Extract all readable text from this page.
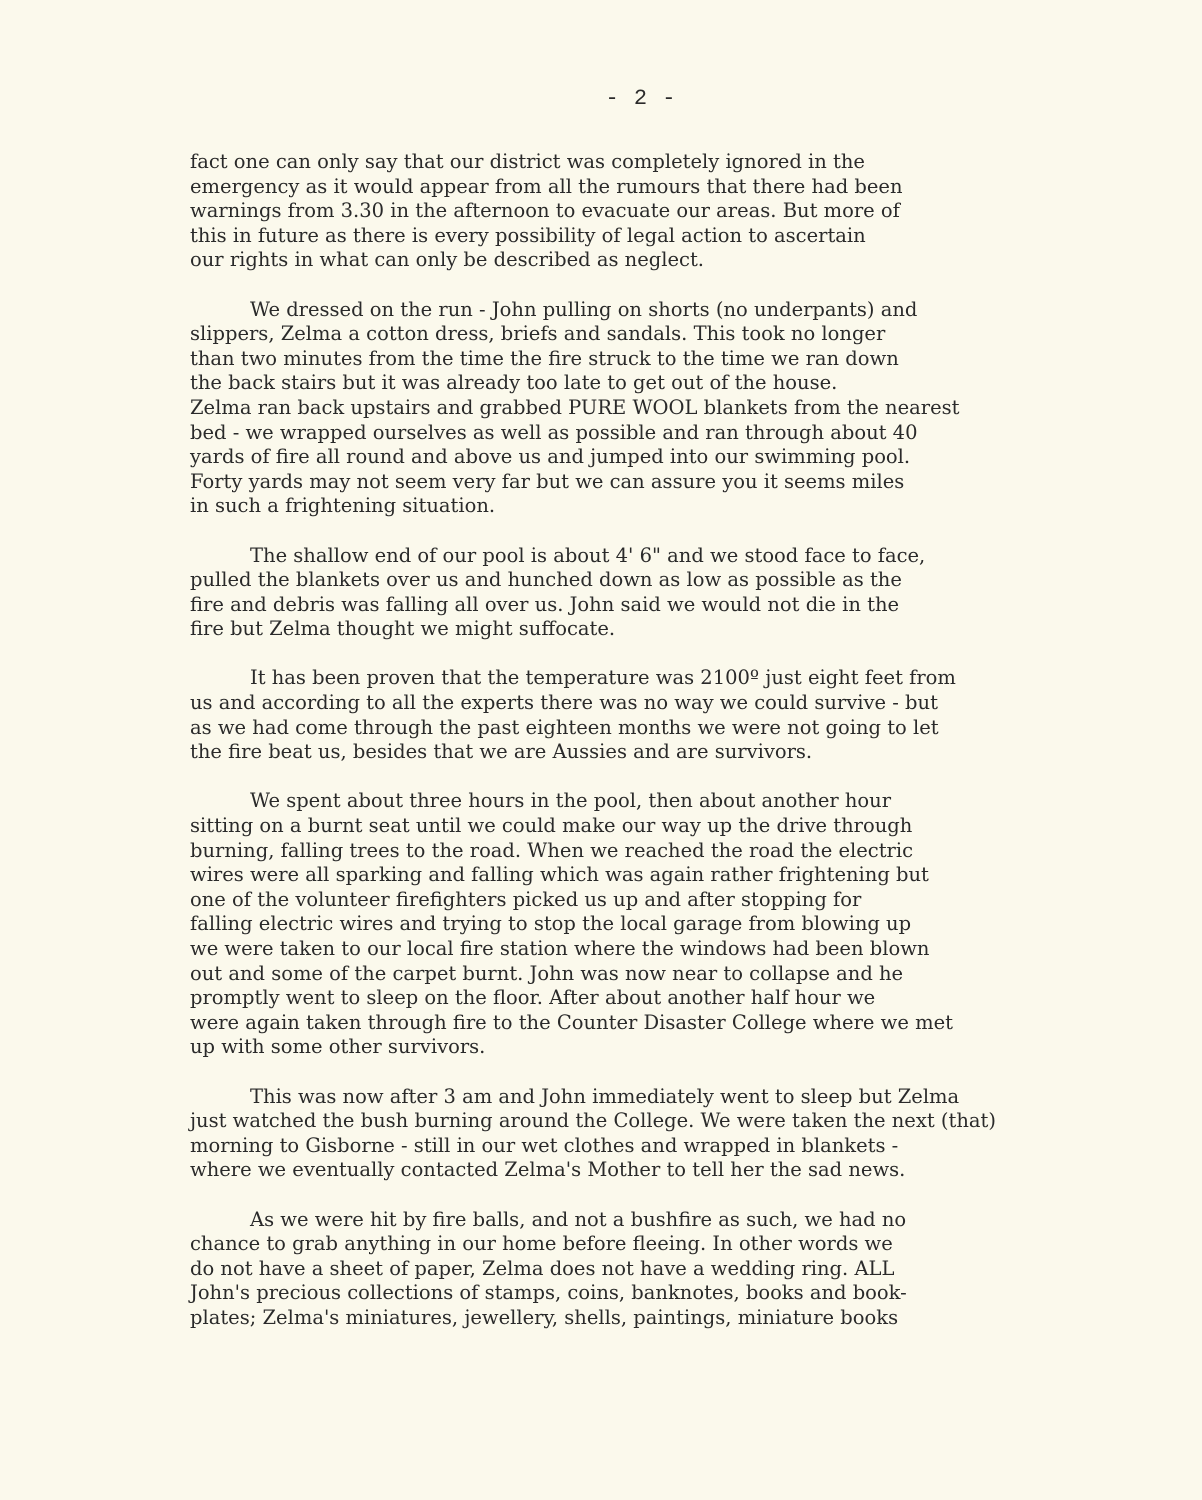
- 2 -

fact one can only say that our district was completely ignored in the
emergency as it would appear from all the rumours that there had been
warnings from 3.30 in the afternoon to evacuate our areas. But more of
this in future as there is every possibility of legal action to ascertain
our rights in what can only be described as neglect.

We dressed on the run - John pulling on shorts (no underpants) and
slippers, Zelma a cotton dress, briefs and sandals. This took no longer
than two minutes from the time the fire struck to the time we ran down
the back stairs but it was already too late to get out of the house.
Zelma ran back upstairs and grabbed PURE WOOL blankets from the nearest
bed - we wrapped ourselves as well as possible and ran through about 40
yards of fire all round and above us and jumped into our swimming pool.
Forty yards may not seem very far but we can assure you it seems miles
in such a frightening situation.

The shallow end of our pool is about 4' 6" and we stood face to face,
pulled the blankets over us and hunched down as low as possible as the
fire and debris was falling all over us. John said we would not die in the
fire but Zelma thought we might suffocate.

It has been proven that the temperature was 2100º just eight feet from
us and according to all the experts there was no way we could survive - but
as we had come through the past eighteen months we were not going to let
the fire beat us, besides that we are Aussies and are survivors.

We spent about three hours in the pool, then about another hour
sitting on a burnt seat until we could make our way up the drive through
burning, falling trees to the road. When we reached the road the electric
wires were all sparking and falling which was again rather frightening but
one of the volunteer firefighters picked us up and after stopping for
falling electric wires and trying to stop the local garage from blowing up
we were taken to our local fire station where the windows had been blown
out and some of the carpet burnt. John was now near to collapse and he
promptly went to sleep on the floor. After about another half hour we
were again taken through fire to the Counter Disaster College where we met
up with some other survivors.

This was now after 3 am and John immediately went to sleep but Zelma
just watched the bush burning around the College. We were taken the next (that)
morning to Gisborne - still in our wet clothes and wrapped in blankets -
where we eventually contacted Zelma's Mother to tell her the sad news.

As we were hit by fire balls, and not a bushfire as such, we had no
chance to grab anything in our home before fleeing. In other words we
do not have a sheet of paper, Zelma does not have a wedding ring. ALL
John's precious collections of stamps, coins, banknotes, books and book-
plates; Zelma's miniatures, jewellery, shells, paintings, miniature books
